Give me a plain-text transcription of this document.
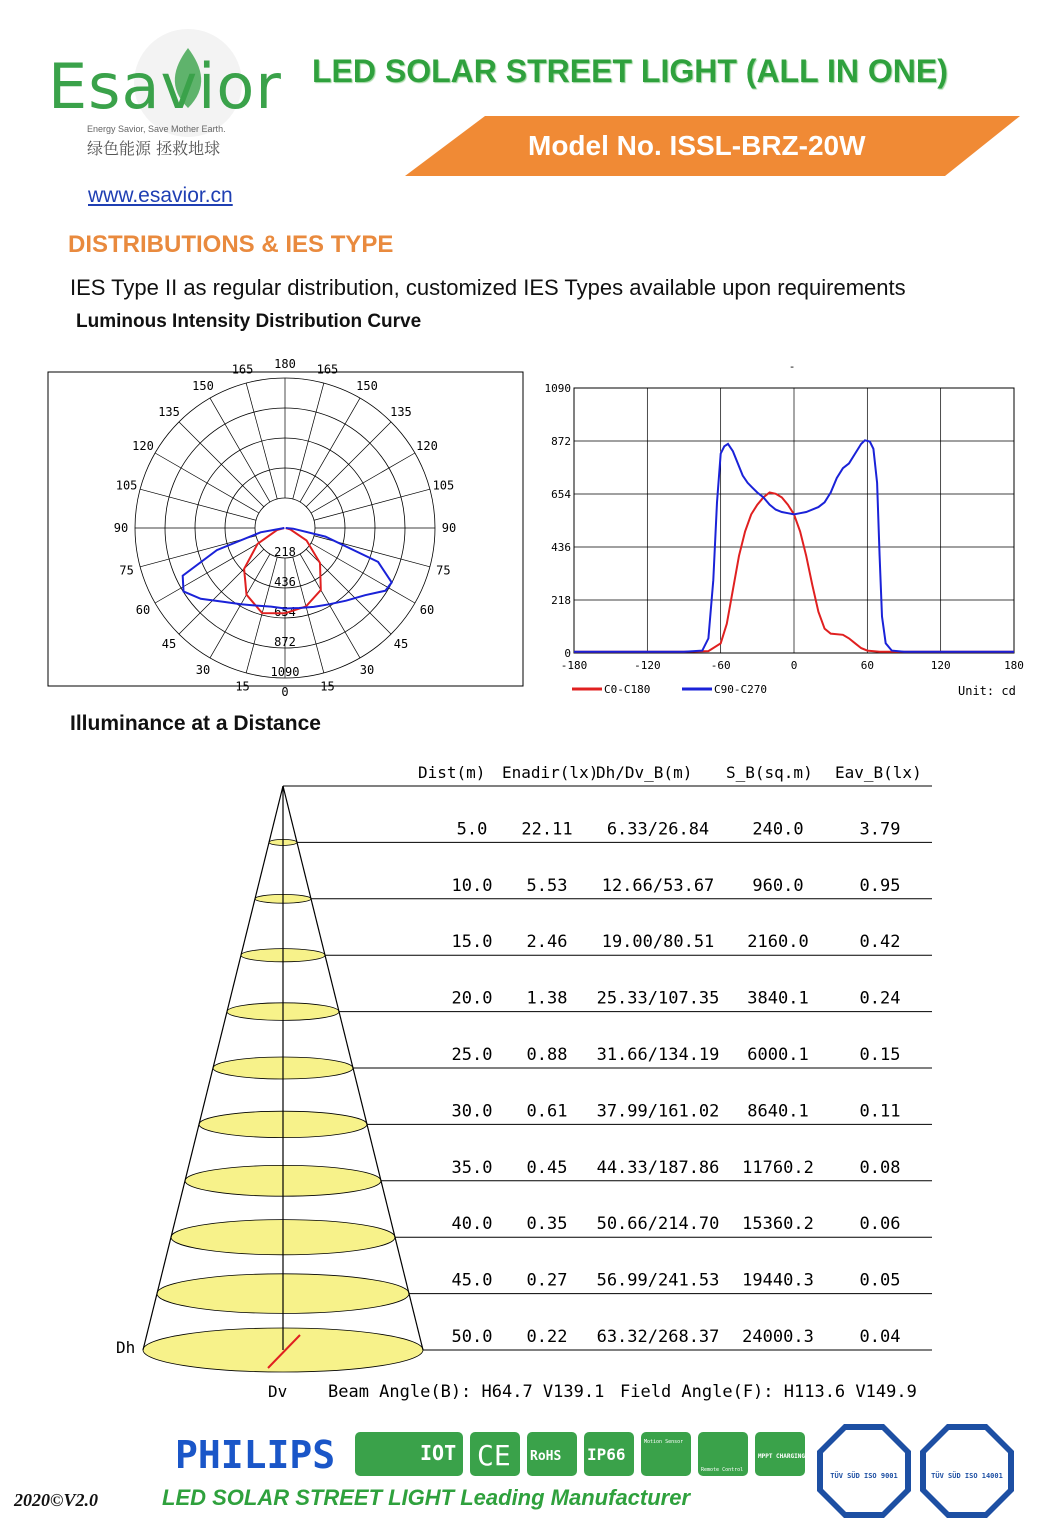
Esavior
Energy Savior, Save Mother Earth.
绿色能源 拯救地球
LED SOLAR STREET LIGHT (ALL IN ONE)
Model No. ISSL-BRZ-20W
www.esavior.cn
DISTRIBUTIONS & IES TYPE
IES Type II as regular distribution, customized IES Types available upon requirements
Luminous Intensity Distribution Curve
0	15
15
30
30
45
45
60
60
75
75
90
90
105
105
120
120
135
135
150
150
165
165 180
218
436
654
872
1090	-180	-120	-60	0	60	120	180
0
218
436
654
872
1090
-
C0-C180	C90-C270	Unit: cd
Illuminance at a Distance
Dist(m) Enadir(lx)
Dh/Dv_B(m) S_B(sq.m) Eav_B(lx)
5.0 22.11 6.33/26.84	240.0	3.79
10.0 5.53 12.66/53.67 960.0	0.95
15.0 2.46 19.00/80.51 2160.0	0.42
20.0 1.38 25.33/107.35 3840.1	0.24
25.0 0.88 31.66/134.19 6000.1	0.15
30.0 0.61 37.99/161.02 8640.1	0.11
35.0 0.45 44.33/187.86 11760.2	0.08
40.0 0.35 50.66/214.70 15360.2	0.06
45.0 0.27 56.99/241.53 19440.3	0.05
50.0 0.22 63.32/268.37 24000.3	0.04
Dh
Dv Beam Angle(B): H64.7 V139.1 Field Angle(F): H113.6 V149.9
PHILIPS	IOT CE RoHS IP66
Motion Sensor
Remote Control
MPPT CHARGING
TÜV SÜD ISO 9001	TÜV SÜD ISO 14001
2020©V2.0	LED SOLAR STREET LIGHT Leading Manufacturer
